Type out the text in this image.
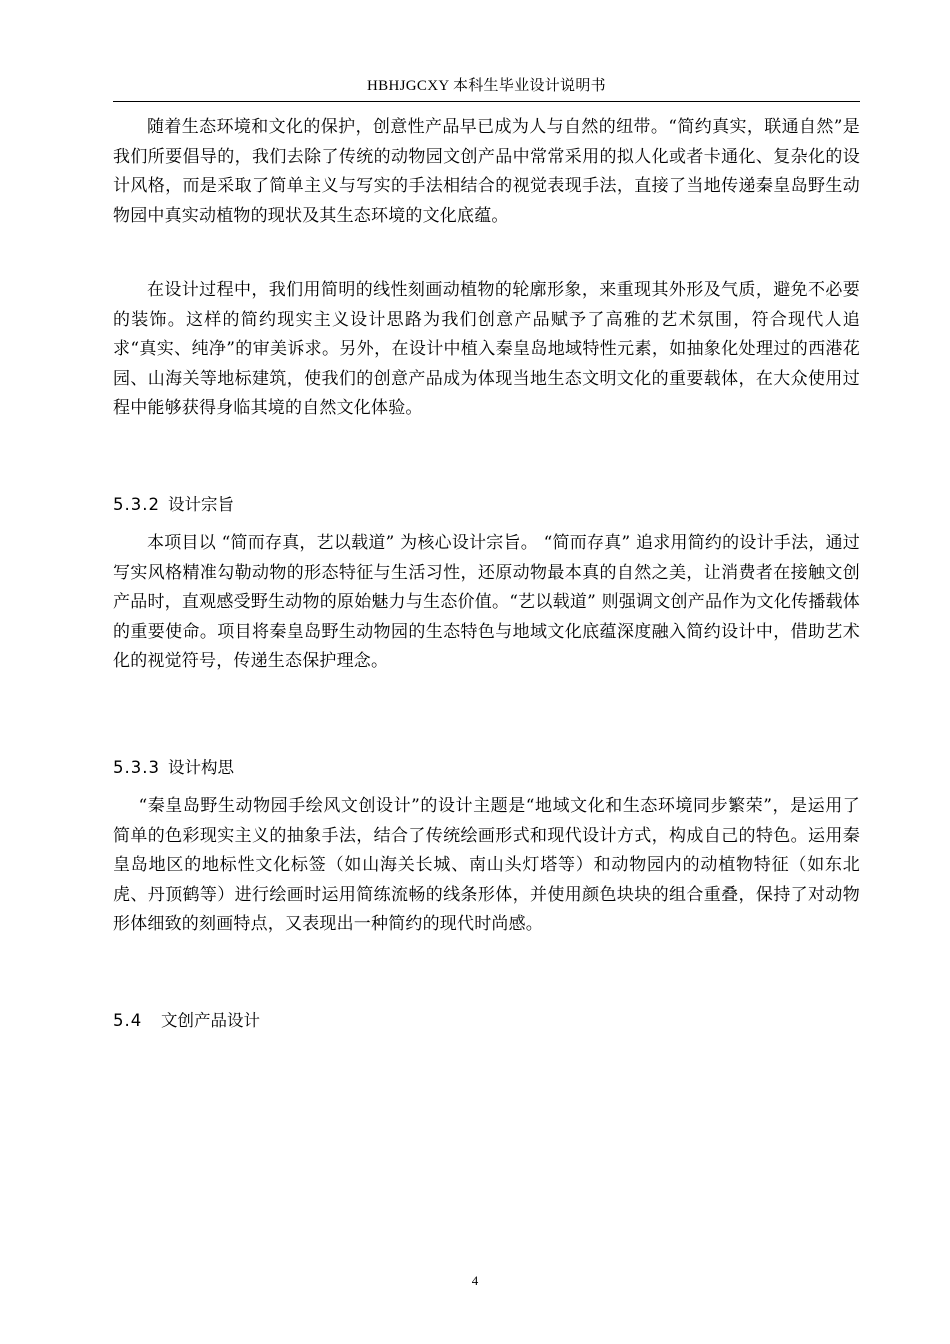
HBHJGCXY 本科生毕业设计说明书

随着生态环境和文化的保护，创意性产品早已成为人与自然的纽带。“简约真实，联通自然”是我们所要倡导的，我们去除了传统的动物园文创产品中常常采用的拟人化或者卡通化、复杂化的设计风格，而是采取了简单主义与写实的手法相结合的视觉表现手法，直接了当地传递秦皇岛野生动物园中真实动植物的现状及其生态环境的文化底蕴。

在设计过程中，我们用简明的线性刻画动植物的轮廓形象，来重现其外形及气质，避免不必要的装饰。这样的简约现实主义设计思路为我们创意产品赋予了高雅的艺术氛围，符合现代人追求“真实、纯净”的审美诉求。另外，在设计中植入秦皇岛地域特性元素，如抽象化处理过的西港花园、山海关等地标建筑，使我们的创意产品成为体现当地生态文明文化的重要载体，在大众使用过程中能够获得身临其境的自然文化体验。

5.3.2 设计宗旨

本项目以 “简而存真，艺以载道” 为核心设计宗旨。 “简而存真” 追求用简约的设计手法，通过写实风格精准勾勒动物的形态特征与生活习性，还原动物最本真的自然之美，让消费者在接触文创产品时，直观感受野生动物的原始魅力与生态价值。“艺以载道” 则强调文创产品作为文化传播载体的重要使命。项目将秦皇岛野生动物园的生态特色与地域文化底蕴深度融入简约设计中，借助艺术化的视觉符号，传递生态保护理念。

5.3.3 设计构思

“秦皇岛野生动物园手绘风文创设计”的设计主题是“地域文化和生态环境同步繁荣”，是运用了简单的色彩现实主义的抽象手法，结合了传统绘画形式和现代设计方式，构成自己的特色。运用秦皇岛地区的地标性文化标签（如山海关长城、南山头灯塔等）和动物园内的动植物特征（如东北虎、丹顶鹤等）进行绘画时运用简练流畅的线条形体，并使用颜色块块的组合重叠，保持了对动物形体细致的刻画特点，又表现出一种简约的现代时尚感。

5.4 文创产品设计
4
